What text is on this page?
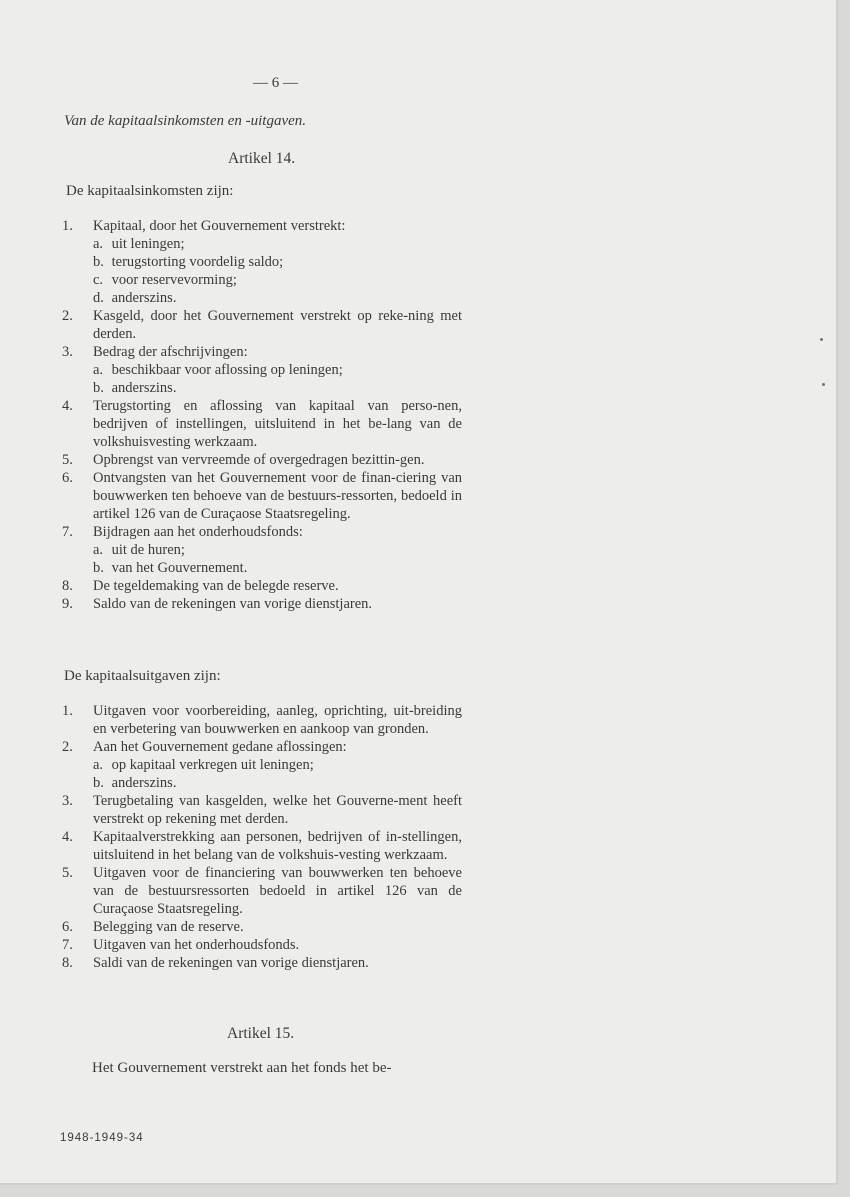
— 6 —
Van de kapitaalsinkomsten en -uitgaven.
Artikel 14.
De kapitaalsinkomsten zijn:
1.	Kapitaal, door het Gouvernement verstrekt:
a. uit leningen;
b. terugstorting voordelig saldo;
c. voor reservevorming;
d. anderszins.
2.	Kasgeld, door het Gouvernement verstrekt op reke-ning met derden.
3.	Bedrag der afschrijvingen:
a. beschikbaar voor aflossing op leningen;
b. anderszins.
4.	Terugstorting en aflossing van kapitaal van perso-nen, bedrijven of instellingen, uitsluitend in het be-lang van de volkshuisvesting werkzaam.
5.	Opbrengst van vervreemde of overgedragen bezittin-gen.
6.	Ontvangsten van het Gouvernement voor de finan-ciering van bouwwerken ten behoeve van de bestuurs-ressorten, bedoeld in artikel 126 van de Curaçaose Staatsregeling.
7.	Bijdragen aan het onderhoudsfonds:
a. uit de huren;
b. van het Gouvernement.
8.	De tegeldemaking van de belegde reserve.
9.	Saldo van de rekeningen van vorige dienstjaren.
De kapitaalsuitgaven zijn:
1.	Uitgaven voor voorbereiding, aanleg, oprichting, uit-breiding en verbetering van bouwwerken en aankoop van gronden.
2.	Aan het Gouvernement gedane aflossingen:
a. op kapitaal verkregen uit leningen;
b. anderszins.
3.	Terugbetaling van kasgelden, welke het Gouverne-ment heeft verstrekt op rekening met derden.
4.	Kapitaalverstrekking aan personen, bedrijven of in-stellingen, uitsluitend in het belang van de volkshuis-vesting werkzaam.
5.	Uitgaven voor de financiering van bouwwerken ten behoeve van de bestuursressorten bedoeld in artikel 126 van de Curaçaose Staatsregeling.
6.	Belegging van de reserve.
7.	Uitgaven van het onderhoudsfonds.
8.	Saldi van de rekeningen van vorige dienstjaren.
Artikel 15.
Het Gouvernement verstrekt aan het fonds het be-
1948-1949-34
